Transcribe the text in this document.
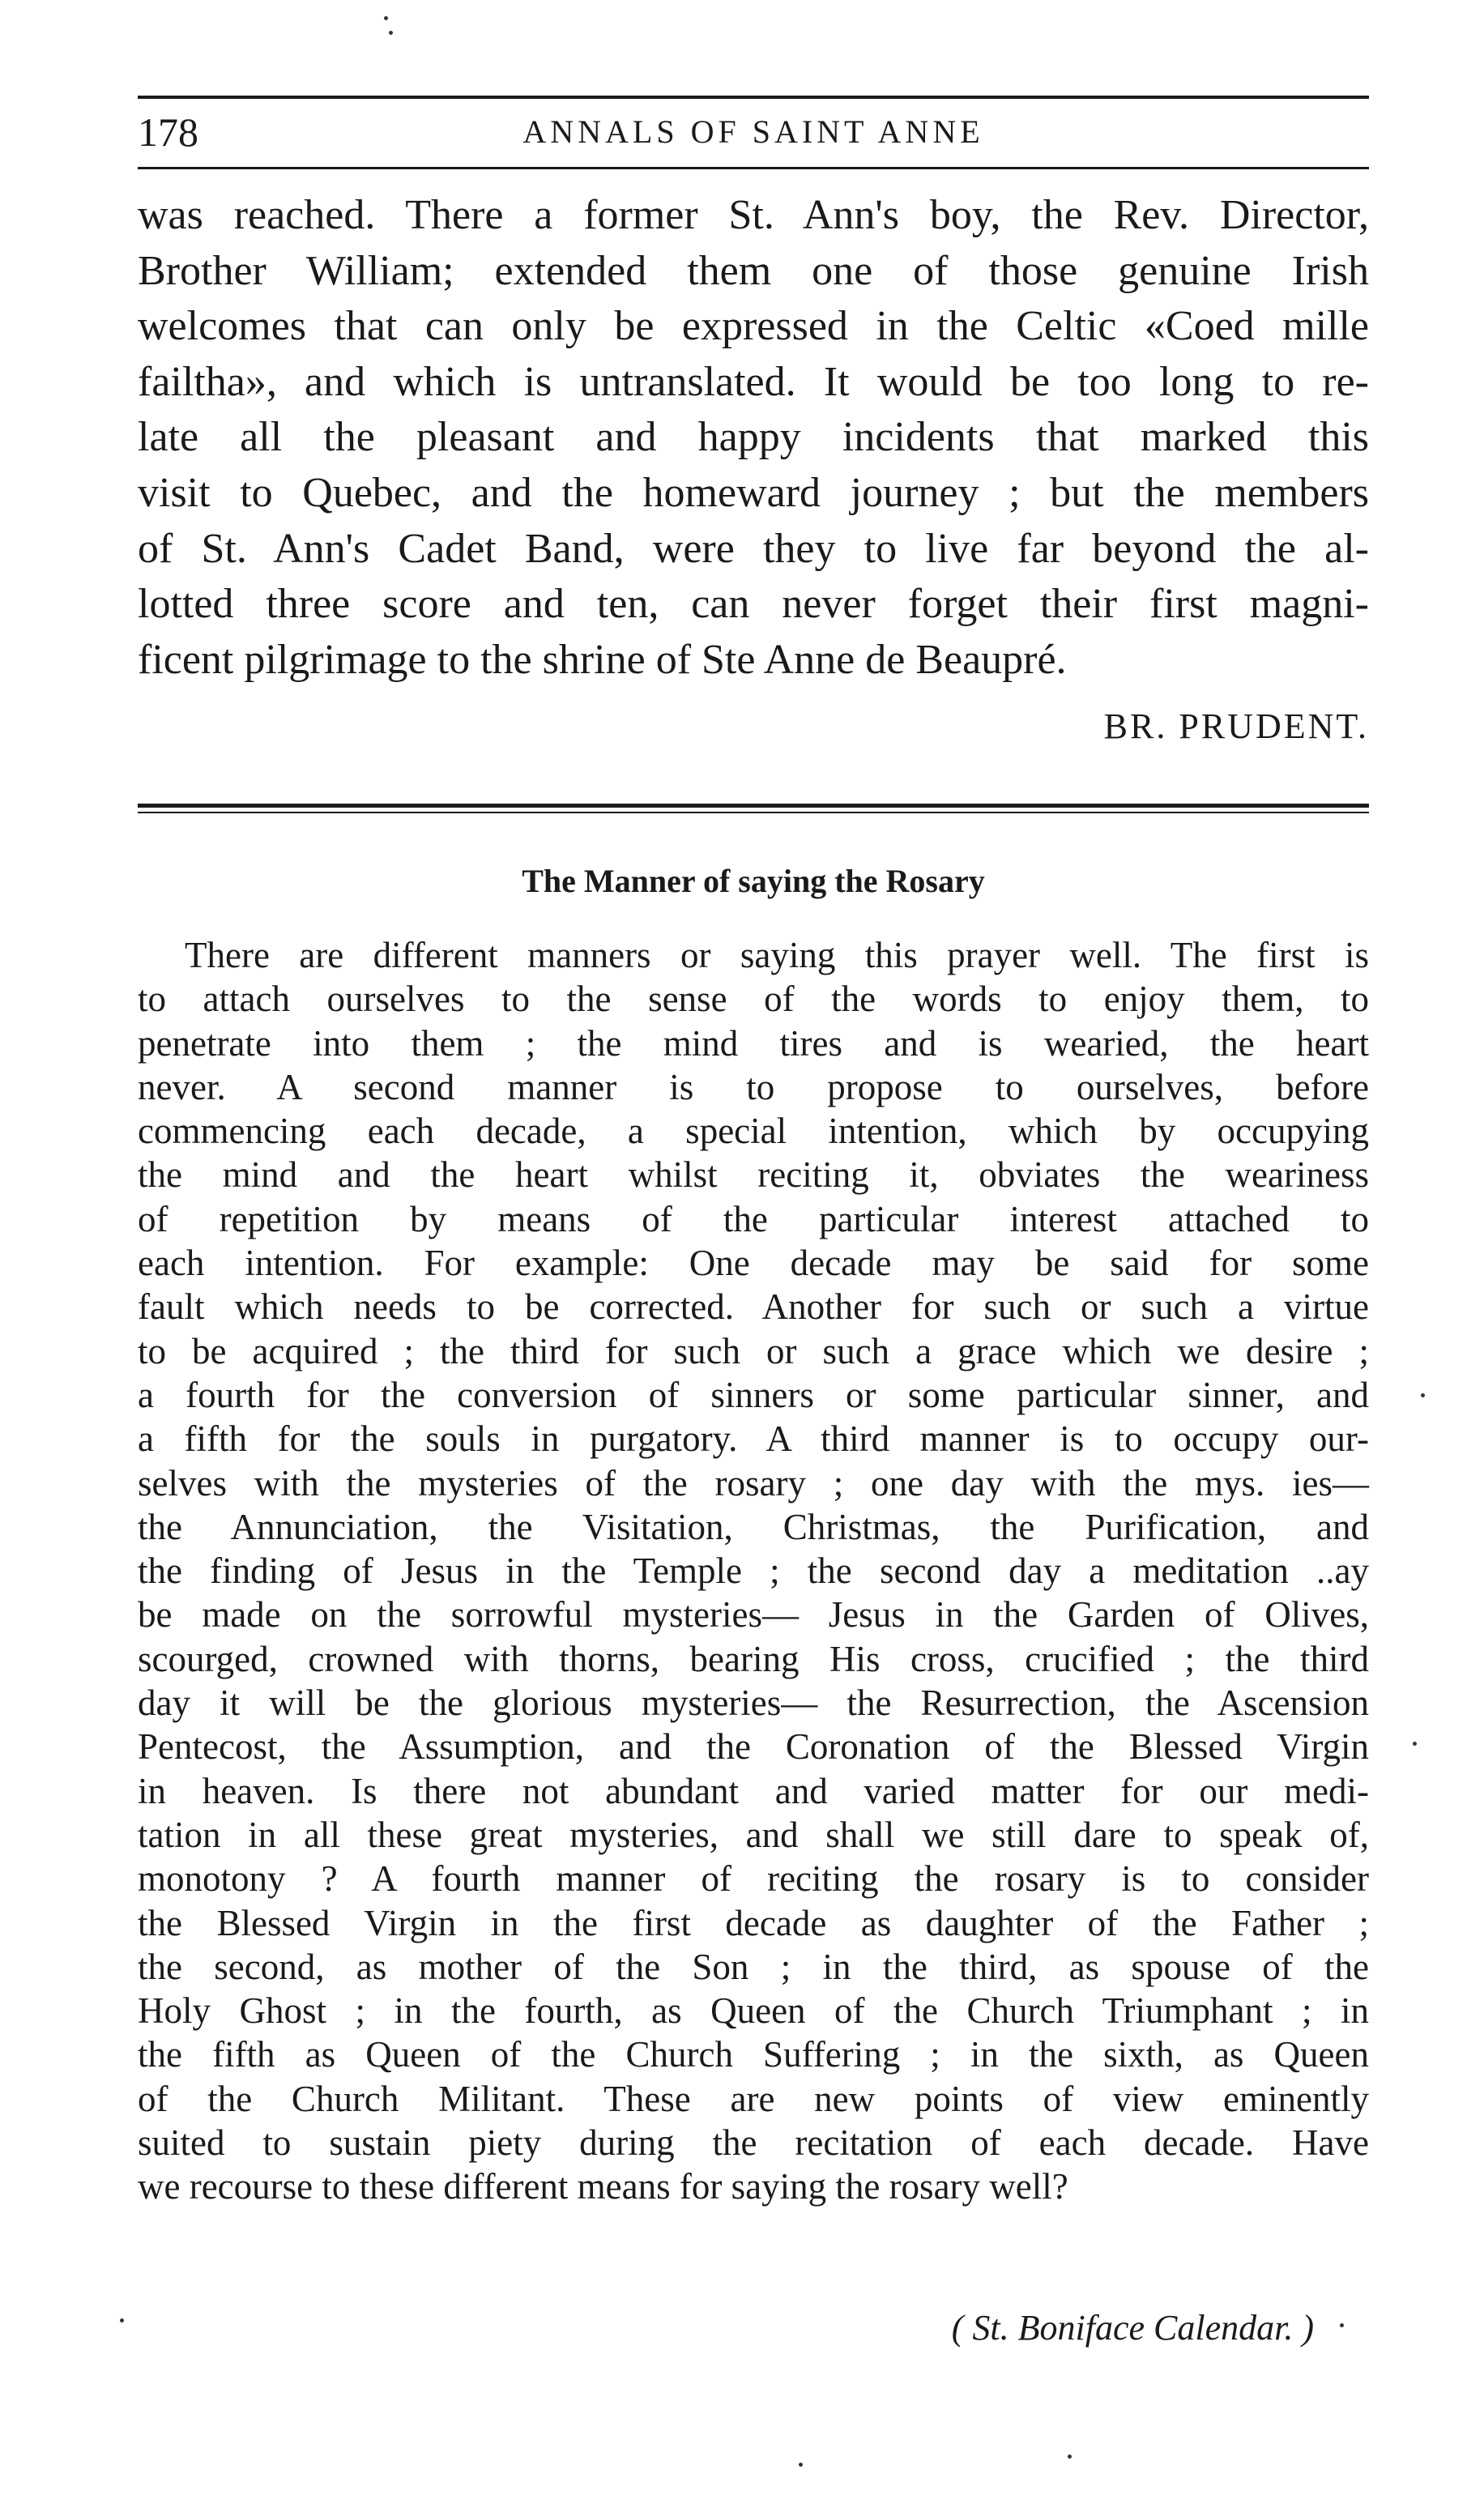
178	ANNALS OF SAINT ANNE
was reached. There a former St. Ann's boy, the Rev. Director,
Brother William; extended them one of those genuine Irish
welcomes that can only be expressed in the Celtic «Coed mille
failtha», and which is untranslated. It would be too long to re-
late all the pleasant and happy incidents that marked this
visit to Quebec, and the homeward journey ; but the members
of St. Ann's Cadet Band, were they to live far beyond the al-
lotted three score and ten, can never forget their first magni-
ficent pilgrimage to the shrine of Ste Anne de Beaupré.
BR. PRUDENT.
The Manner of saying the Rosary
There are different manners or saying this prayer well. The first is
to attach ourselves to the sense of the words to enjoy them, to
penetrate into them ; the mind tires and is wearied, the heart
never. A second manner is to propose to ourselves, before
commencing each decade, a special intention, which by occupying
the mind and the heart whilst reciting it, obviates the weariness
of repetition by means of the particular interest attached to
each intention. For example: One decade may be said for some
fault which needs to be corrected. Another for such or such a virtue
to be acquired ; the third for such or such a grace which we desire ;
a fourth for the conversion of sinners or some particular sinner, and
a fifth for the souls in purgatory. A third manner is to occupy our-
selves with the mysteries of the rosary ; one day with the mys. ies—
the Annunciation, the Visitation, Christmas, the Purification, and
the finding of Jesus in the Temple ; the second day a meditation ..ay
be made on the sorrowful mysteries— Jesus in the Garden of Olives,
scourged, crowned with thorns, bearing His cross, crucified ; the third
day it will be the glorious mysteries— the Resurrection, the Ascension
Pentecost, the Assumption, and the Coronation of the Blessed Virgin
in heaven. Is there not abundant and varied matter for our medi-
tation in all these great mysteries, and shall we still dare to speak of,
monotony ? A fourth manner of reciting the rosary is to consider
the Blessed Virgin in the first decade as daughter of the Father ;
the second, as mother of the Son ; in the third, as spouse of the
Holy Ghost ; in the fourth, as Queen of the Church Triumphant ; in
the fifth as Queen of the Church Suffering ; in the sixth, as Queen
of the Church Militant. These are new points of view eminently
suited to sustain piety during the recitation of each decade. Have
we recourse to these different means for saying the rosary well?
( St. Boniface Calendar. )
